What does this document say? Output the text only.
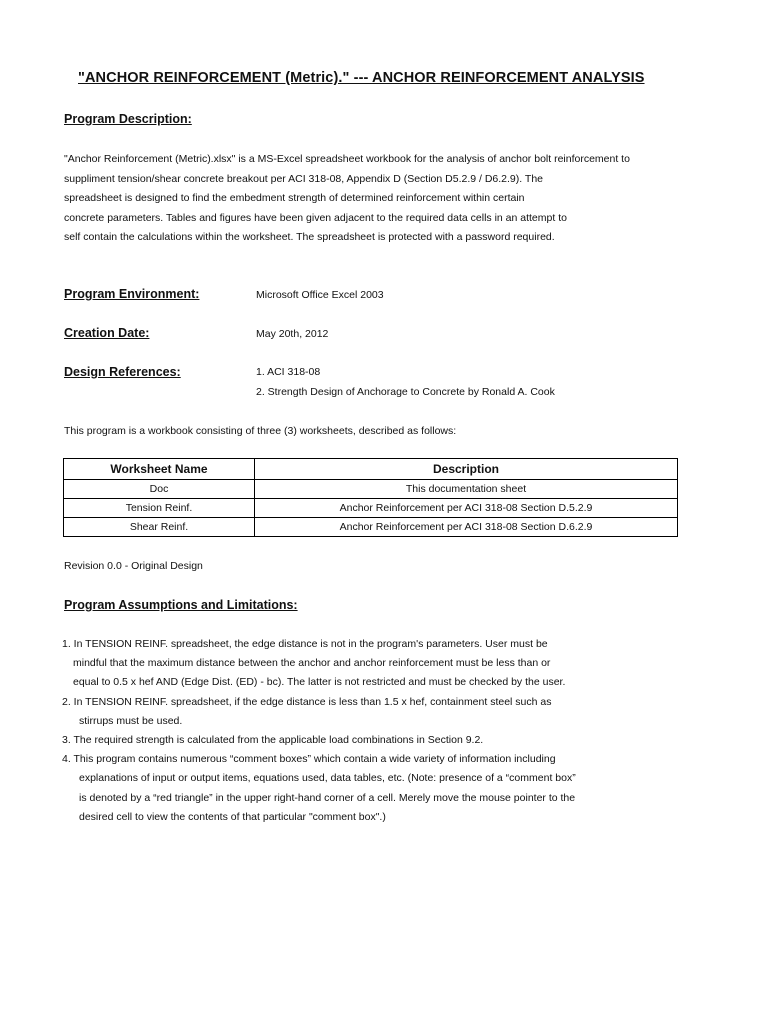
"ANCHOR REINFORCEMENT (Metric)." --- ANCHOR REINFORCEMENT ANALYSIS
Program Description:
"Anchor Reinforcement (Metric).xlsx" is a MS-Excel spreadsheet workbook for the analysis of anchor bolt reinforcement to
suppliment tension/shear concrete breakout per ACI 318-08, Appendix D (Section D5.2.9 / D6.2.9). The
spreadsheet is designed to find the embedment strength of determined reinforcement within certain
concrete parameters. Tables and figures have been given adjacent to the required data cells in an attempt to
self contain the calculations within the worksheet. The spreadsheet is protected with a password required.
Program Environment:	Microsoft Office Excel 2003
Creation Date:	May 20th, 2012
Design References:	1. ACI 318-08
2. Strength Design of Anchorage to Concrete by Ronald A. Cook
This program is a workbook consisting of three (3) worksheets, described as follows:
Worksheet Name	Description
Doc	This documentation sheet
Tension Reinf.	Anchor Reinforcement per ACI 318-08 Section D.5.2.9
Shear Reinf.	Anchor Reinforcement per ACI 318-08 Section D.6.2.9
Revision 0.0 - Original Design
Program Assumptions and Limitations:
1. In TENSION REINF. spreadsheet, the edge distance is not in the program's parameters. User must be
mindful that the maximum distance between the anchor and anchor reinforcement must be less than or
equal to 0.5 x hef AND (Edge Dist. (ED) - bc). The latter is not restricted and must be checked by the user.
2. In TENSION REINF. spreadsheet, if the edge distance is less than 1.5 x hef, containment steel such as
stirrups must be used.
3. The required strength is calculated from the applicable load combinations in Section 9.2.
4. This program contains numerous “comment boxes” which contain a wide variety of information including
explanations of input or output items, equations used, data tables, etc. (Note: presence of a “comment box”
is denoted by a “red triangle” in the upper right-hand corner of a cell. Merely move the mouse pointer to the
desired cell to view the contents of that particular "comment box".)
